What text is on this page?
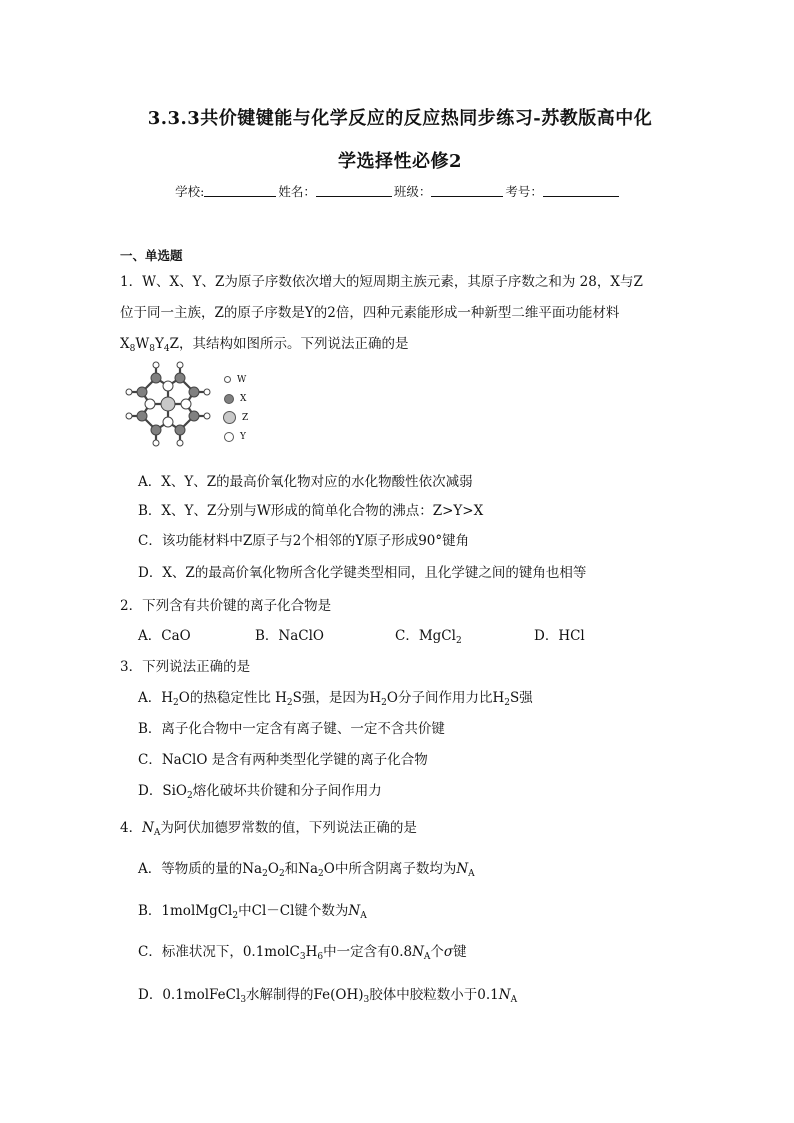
3.3.3共价键键能与化学反应的反应热同步练习-苏教版高中化
学选择性必修2
学校:	姓名：	班级：	考号：
一、单选题
1．W、X、Y、Z为原子序数依次增大的短周期主族元素，其原子序数之和为 28，X与Z
位于同一主族，Z的原子序数是Y的2倍，四种元素能形成一种新型二维平面功能材料
$X_8W_8Y_4Z$，其结构如图所示。下列说法正确的是
W
X
Z
Y
A．X、Y、Z的最高价氧化物对应的水化物酸性依次减弱
B．X、Y、Z分别与W形成的简单化合物的沸点：Z>Y>X
C．该功能材料中Z原子与2个相邻的Y原子形成90°键角
D．X、Z的最高价氧化物所含化学键类型相同，且化学键之间的键角也相等
2．下列含有共价键的离子化合物是
A．CaO	B．NaClO	C．MgCl$_2$	D．HCl
3．下列说法正确的是
A．$H_2O$的热稳定性比 $H_2S$强，是因为$H_2O$分子间作用力比$H_2S$强
B．离子化合物中一定含有离子键、一定不含共价键
C．NaClO 是含有两种类型化学键的离子化合物
D．SiO$_2$熔化破坏共价键和分子间作用力
4．$N_A$为阿伏加德罗常数的值，下列说法正确的是
A．等物质的量的$Na_2O_2$和$Na_2O$中所含阴离子数均为$N_A$
B．1molMgCl$_2$中Cl－Cl键个数为$N_A$
C．标准状况下，$0.1molC_3H_6$中一定含有$0.8N_A$个σ键
D．0.1molFeCl$_3$水解制得的$Fe(OH)_3$胶体中胶粒数小于$0.1N_A$
